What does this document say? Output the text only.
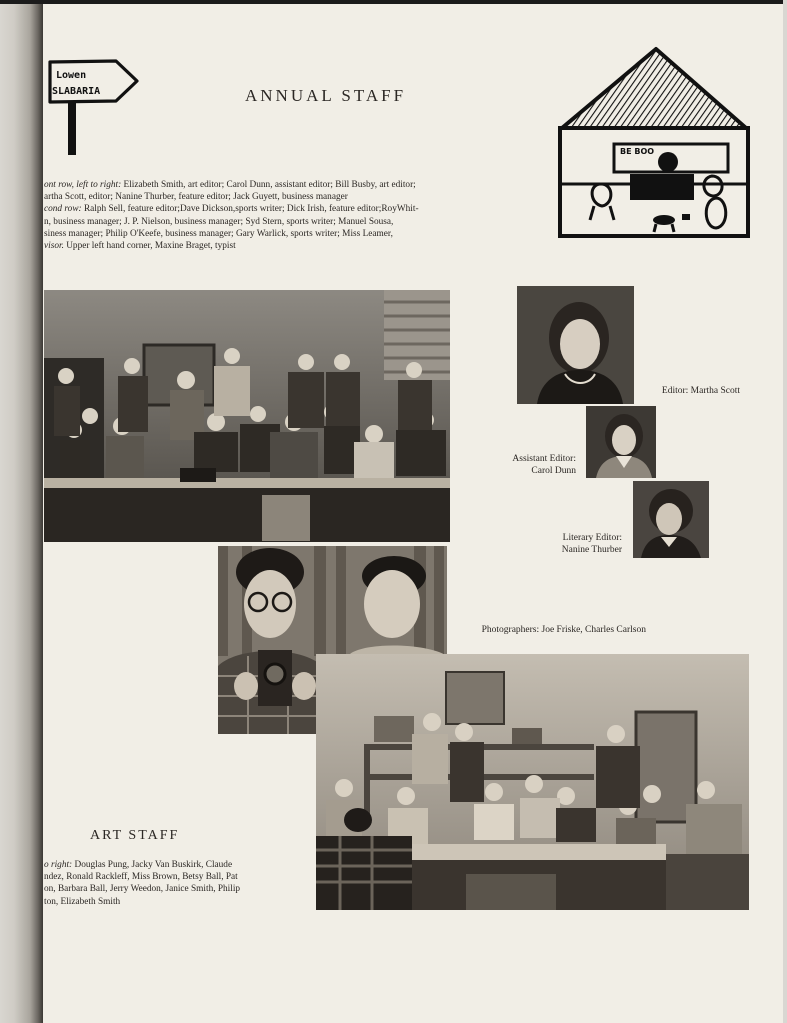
Lowen
SLABARIA	ANNUAL STAFF
ont row, left to right: Elizabeth Smith, art editor; Carol Dunn, assistant editor; Bill Busby, art editor;
artha Scott, editor; Nanine Thurber, feature editor; Jack Guyett, business manager
cond row: Ralph Sell, feature editor;Dave Dickson,sports writer; Dick Irish, feature editor;RoyWhit-
n, business manager; J. P. Nielson, business manager; Syd Stern, sports writer; Manuel Sousa,
siness manager; Philip O'Keefe, business manager; Gary Warlick, sports writer; Miss Leamer,
visor. Upper left hand corner, Maxine Braget, typist
BE BOO
Editor: Martha Scott
Assistant Editor:
Carol Dunn
Literary Editor:
Nanine Thurber
Photographers: Joe Friske, Charles Carlson
ART STAFF
o right: Douglas Pung, Jacky Van Buskirk, Claude
ndez, Ronald Rackleff, Miss Brown, Betsy Ball, Pat
on, Barbara Ball, Jerry Weedon, Janice Smith, Philip
ton, Elizabeth Smith
